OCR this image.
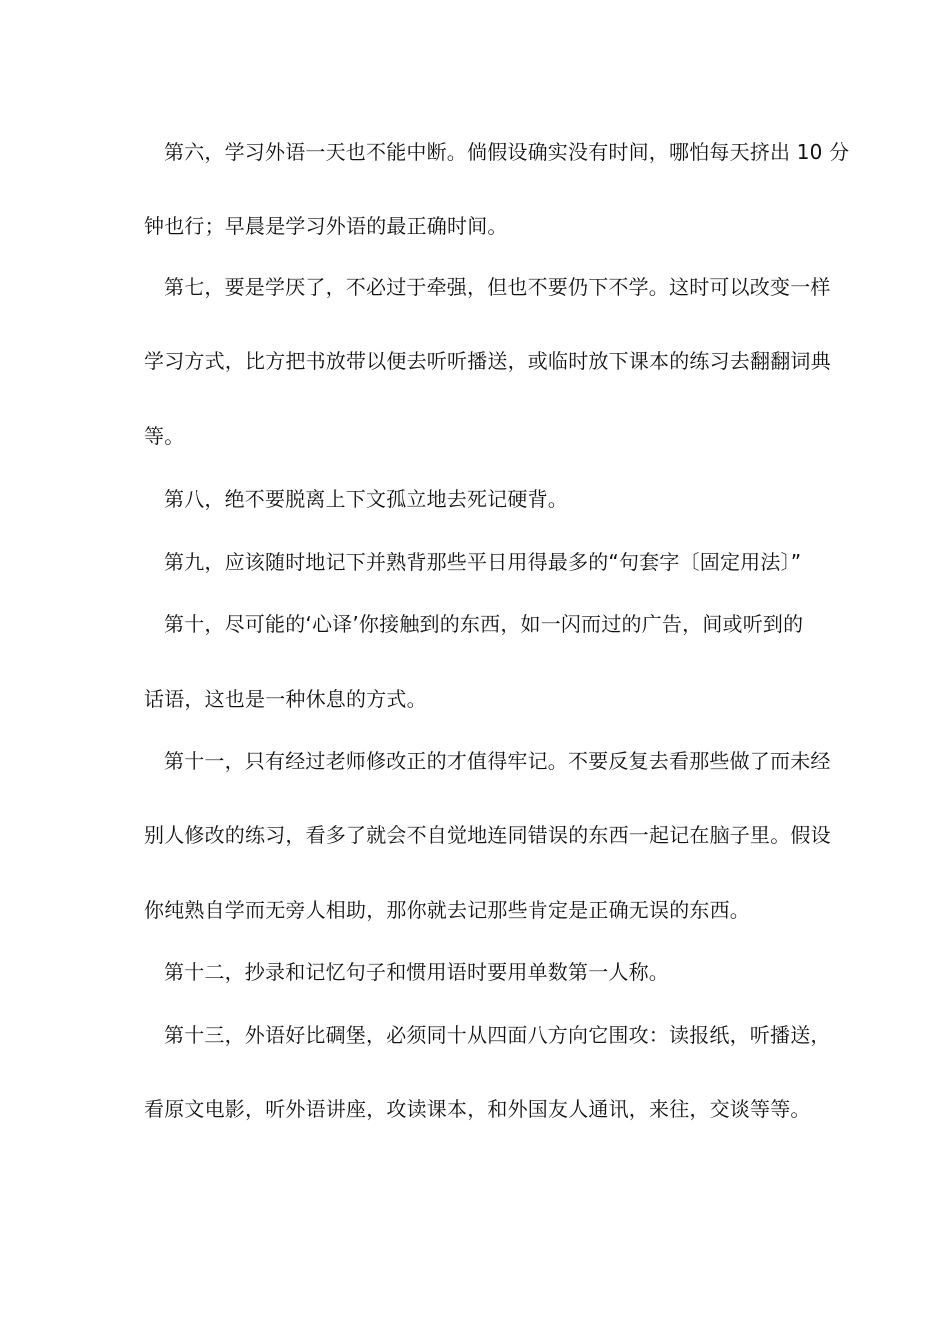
第六，学习外语一天也不能中断。倘假设确实没有时间，哪怕每天挤出 10 分
钟也行；早晨是学习外语的最正确时间。
第七，要是学厌了，不必过于牵强，但也不要仍下不学。这时可以改变一样
学习方式，比方把书放带以便去听听播送，或临时放下课本的练习去翻翻词典
等。
第八，绝不要脱离上下文孤立地去死记硬背。
第九，应该随时地记下并熟背那些平日用得最多的“句套字〔固定用法〕”
第十，尽可能的‘心译’你接触到的东西，如一闪而过的广告，间或听到的
话语，这也是一种休息的方式。
第十一，只有经过老师修改正的才值得牢记。不要反复去看那些做了而未经
别人修改的练习，看多了就会不自觉地连同错误的东西一起记在脑子里。假设
你纯熟自学而无旁人相助，那你就去记那些肯定是正确无误的东西。
第十二，抄录和记忆句子和惯用语时要用单数第一人称。
第十三，外语好比碉堡，必须同十从四面八方向它围攻：读报纸，听播送，
看原文电影，听外语讲座，攻读课本，和外国友人通讯，来往，交谈等等。
